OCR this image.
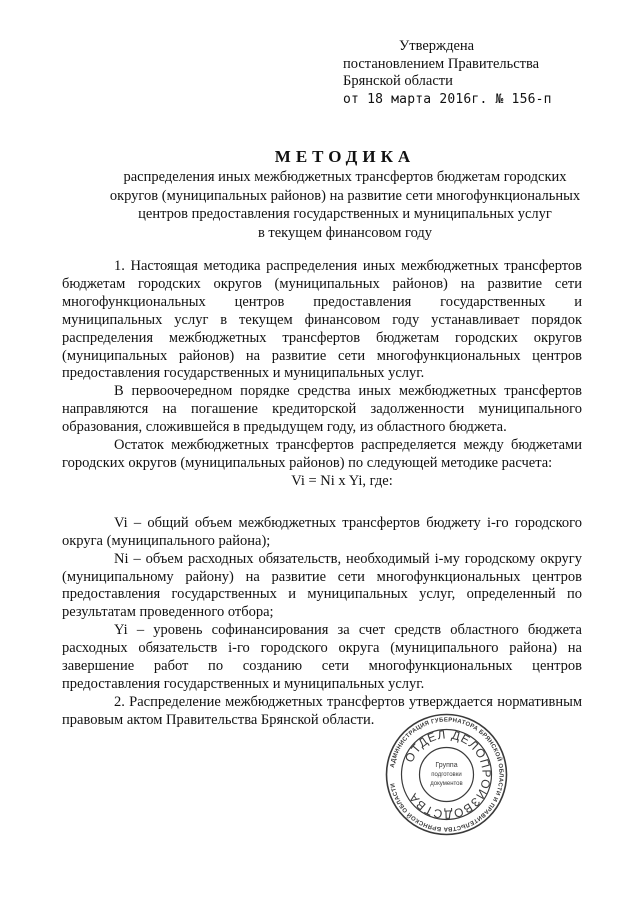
Утверждена
постановлением Правительства
Брянской области
от 18 марта 2016г. № 156-п
МЕТОДИКА
распределения иных межбюджетных трансфертов бюджетам городских
округов (муниципальных районов) на развитие сети многофункциональных
центров предоставления государственных и муниципальных услуг
в текущем финансовом году

1. Настоящая методика распределения иных межбюджетных трансфертов бюджетам городских округов (муниципальных районов) на развитие сети многофункциональных центров предоставления государственных и муниципальных услуг в текущем финансовом году устанавливает порядок распределения межбюджетных трансфертов бюджетам городских округов (муниципальных районов) на развитие сети многофункциональных центров предоставления государственных и муниципальных услуг.

В первоочередном порядке средства иных межбюджетных трансфертов направляются на погашение кредиторской задолженности муниципального образования, сложившейся в предыдущем году, из областного бюджета.

Остаток межбюджетных трансфертов распределяется между бюджетами городских округов (муниципальных районов) по следующей методике расчета:

Vi = Ni x Yi, где:

Vi – общий объем межбюджетных трансфертов бюджету i-го городского округа (муниципального района);

Ni – объем расходных обязательств, необходимый i-му городскому округу (муниципальному району) на развитие сети многофункциональных центров предоставления государственных и муниципальных услуг, определенный по результатам проведенного отбора;

Yi – уровень софинансирования за счет средств областного бюджета расходных обязательств i-го городского округа (муниципального района) на завершение работ по созданию сети многофункциональных центров предоставления государственных и муниципальных услуг.

2. Распределение межбюджетных трансфертов утверждается нормативным правовым актом Правительства Брянской области.

АДМИНИСТРАЦИЯ ГУБЕРНАТОРА БРЯНСКОЙ ОБЛАСТИ И ПРАВИТЕЛЬСТВА БРЯНСКОЙ ОБЛАСТИ
ОТДЕЛ ДЕЛОПРОИЗВОДСТВА
Группа
подготовки
документов
